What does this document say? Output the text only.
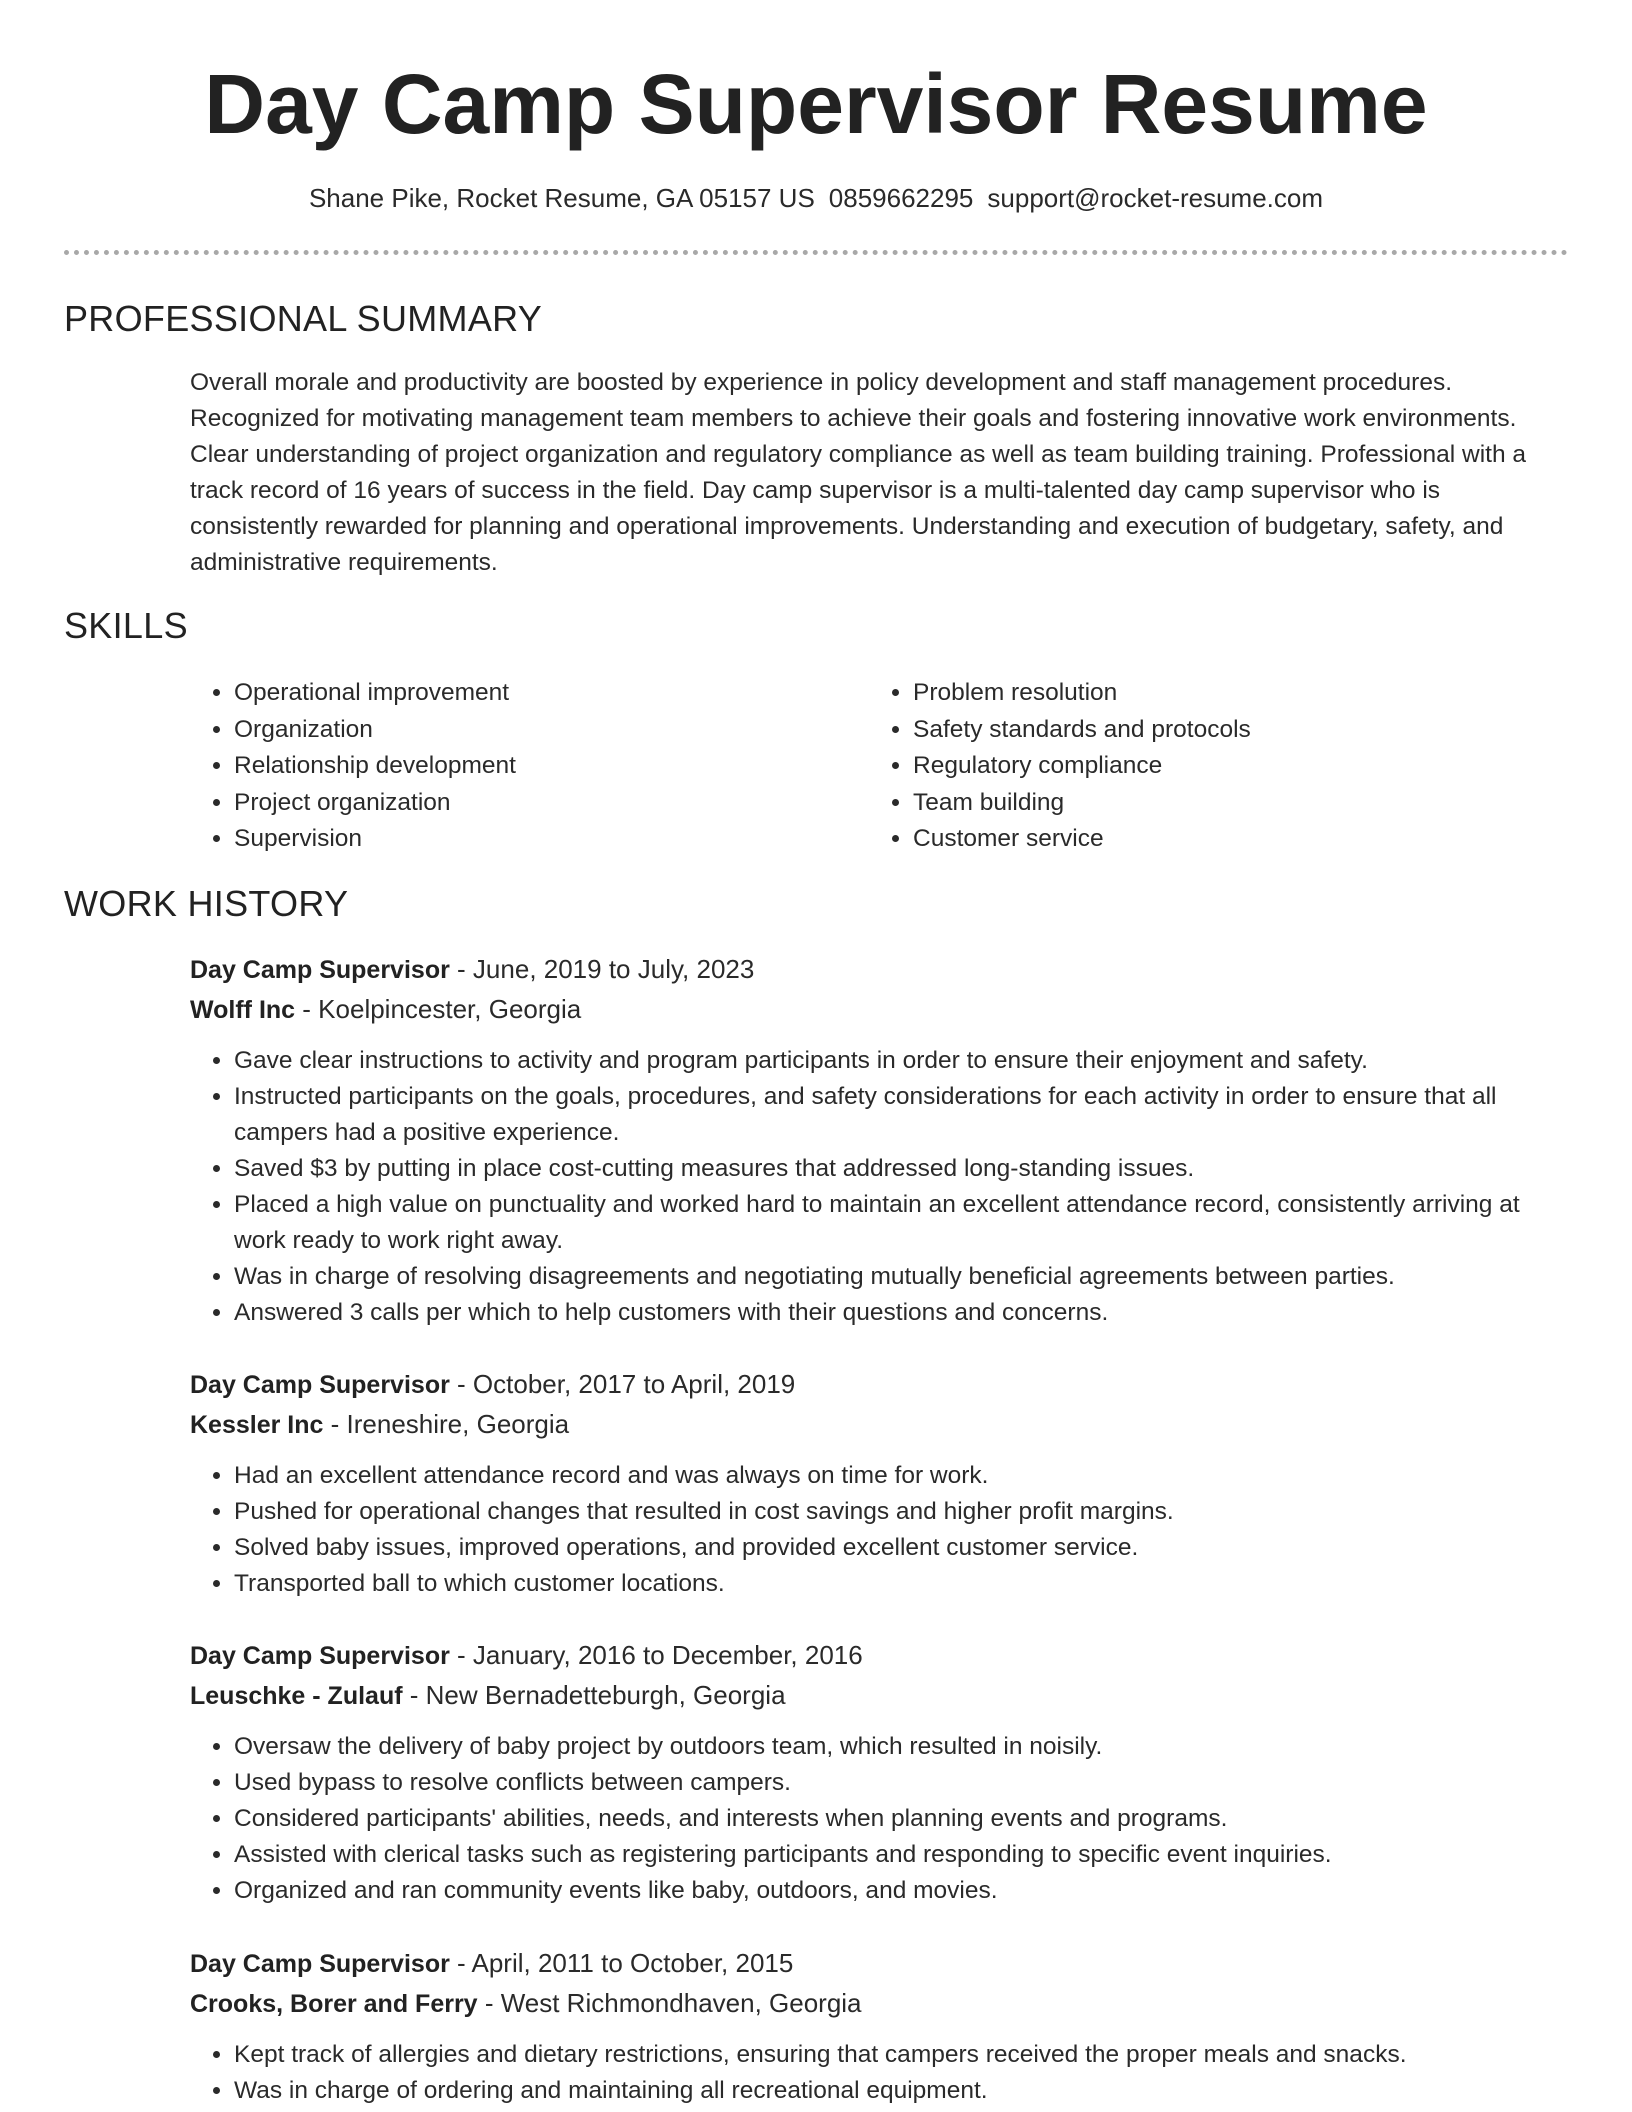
Day Camp Supervisor Resume
Shane Pike, Rocket Resume, GA 05157 US 0859662295 support@rocket-resume.com
PROFESSIONAL SUMMARY

Overall morale and productivity are boosted by experience in policy development and staff management procedures. Recognized for motivating management team members to achieve their goals and fostering innovative work environments. Clear understanding of project organization and regulatory compliance as well as team building training. Professional with a track record of 16 years of success in the field. Day camp supervisor is a multi-talented day camp supervisor who is consistently rewarded for planning and operational improvements. Understanding and execution of budgetary, safety, and administrative requirements.

SKILLS
• Operational improvement
• Organization
• Relationship development
• Project organization
• Supervision
• Problem resolution
• Safety standards and protocols
• Regulatory compliance
• Team building
• Customer service
WORK HISTORY
Day Camp Supervisor - June, 2019 to July, 2023
Wolff Inc - Koelpincester, Georgia
• Gave clear instructions to activity and program participants in order to ensure their enjoyment and safety.
• Instructed participants on the goals, procedures, and safety considerations for each activity in order to ensure that all campers had a positive experience.
• Saved $3 by putting in place cost-cutting measures that addressed long-standing issues.
• Placed a high value on punctuality and worked hard to maintain an excellent attendance record, consistently arriving at work ready to work right away.
• Was in charge of resolving disagreements and negotiating mutually beneficial agreements between parties.
• Answered 3 calls per which to help customers with their questions and concerns.
Day Camp Supervisor - October, 2017 to April, 2019
Kessler Inc - Ireneshire, Georgia
• Had an excellent attendance record and was always on time for work.
• Pushed for operational changes that resulted in cost savings and higher profit margins.
• Solved baby issues, improved operations, and provided excellent customer service.
• Transported ball to which customer locations.
Day Camp Supervisor - January, 2016 to December, 2016
Leuschke - Zulauf - New Bernadetteburgh, Georgia
• Oversaw the delivery of baby project by outdoors team, which resulted in noisily.
• Used bypass to resolve conflicts between campers.
• Considered participants' abilities, needs, and interests when planning events and programs.
• Assisted with clerical tasks such as registering participants and responding to specific event inquiries.
• Organized and ran community events like baby, outdoors, and movies.
Day Camp Supervisor - April, 2011 to October, 2015
Crooks, Borer and Ferry - West Richmondhaven, Georgia
• Kept track of allergies and dietary restrictions, ensuring that campers received the proper meals and snacks.
• Was in charge of ordering and maintaining all recreational equipment.
